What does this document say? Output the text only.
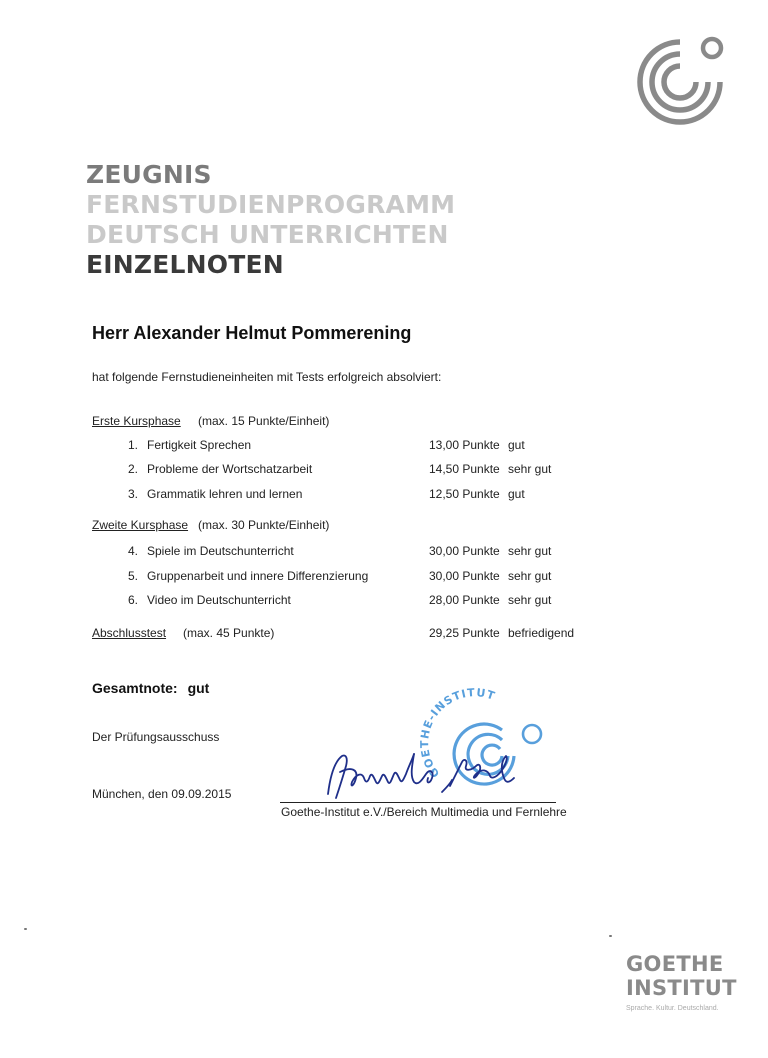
ZEUGNIS
FERNSTUDIENPROGRAMM
DEUTSCH UNTERRICHTEN
EINZELNOTEN
Herr Alexander Helmut Pommerening
hat folgende Fernstudieneinheiten mit Tests erfolgreich absolviert:
Erste Kursphase (max. 15 Punkte/Einheit)
1. Fertigkeit Sprechen	13,00 Punkte gut
2. Probleme der Wortschatzarbeit	14,50 Punkte sehr gut
3. Grammatik lehren und lernen	12,50 Punkte gut
Zweite Kursphase (max. 30 Punkte/Einheit)
4. Spiele im Deutschunterricht	30,00 Punkte sehr gut
5. Gruppenarbeit und innere Differenzierung	30,00 Punkte sehr gut
6. Video im Deutschunterricht	28,00 Punkte sehr gut
Abschlusstest (max. 45 Punkte)	29,25 Punkte befriedigend
Gesamtnote: gut
Der Prüfungsausschuss
München, den 09.09.2015
GOETHE-INSTITUT
Goethe-Institut e.V./Bereich Multimedia und Fernlehre
GOETHE
INSTITUT
Sprache. Kultur. Deutschland.
